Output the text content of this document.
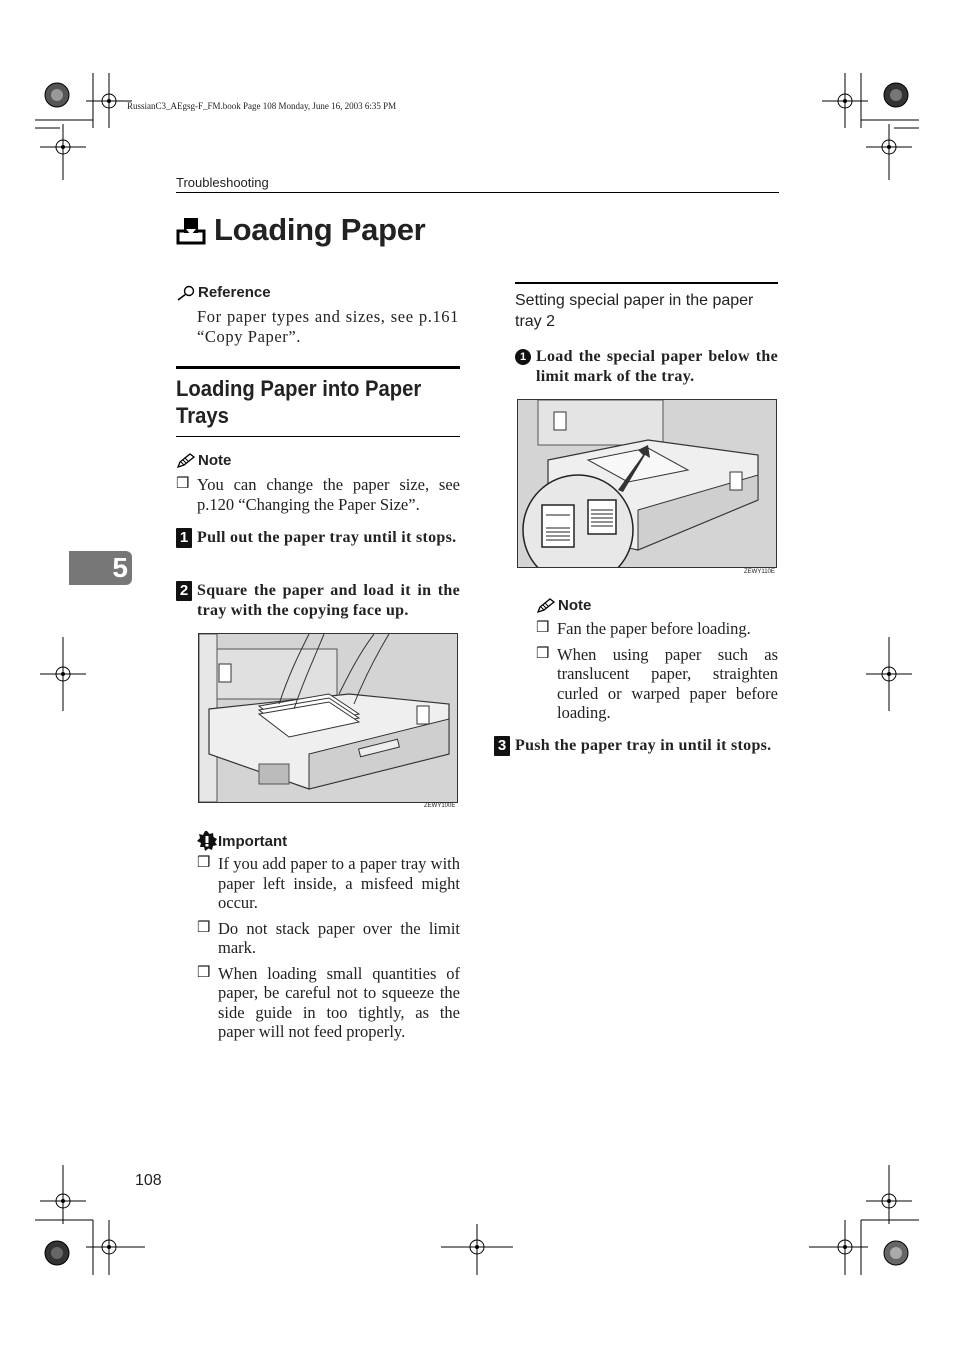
RussianC3_AEgsg-F_FM.book Page 108 Monday, June 16, 2003 6:35 PM
Troubleshooting
Loading Paper
Reference
For paper types and sizes, see p.161 “Copy Paper”.
Loading Paper into Paper Trays
Note
❒ You can change the paper size, see p.120 “Changing the Paper Size”.
1 Pull out the paper tray until it stops.
2 Square the paper and load it in the tray with the copying face up.
ZEWY100E
Important
❒ If you add paper to a paper tray with paper left inside, a misfeed might occur.
❒ Do not stack paper over the limit mark.
❒ When loading small quantities of paper, be careful not to squeeze the side guide in too tightly, as the paper will not feed properly.
5
Setting special paper in the paper tray 2
1 Load the special paper below the limit mark of the tray.
ZEWY110E
Note
❒ Fan the paper before loading.
❒ When using paper such as translucent paper, straighten curled or warped paper before loading.
3 Push the paper tray in until it stops.
108
